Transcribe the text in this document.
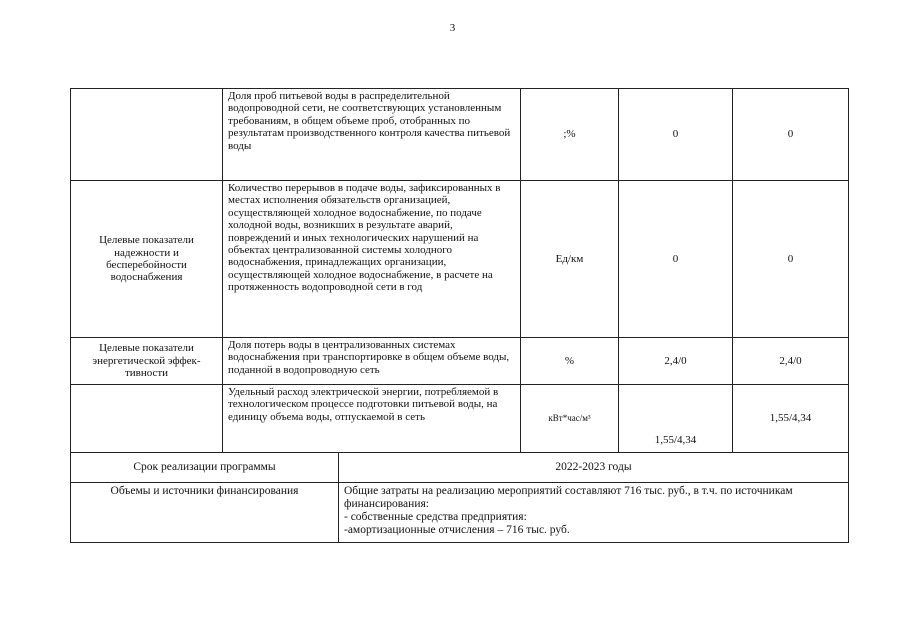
3
	Доля проб питьевой воды в распределительной водопроводной сети, не соответствующих установленным требованиям, в общем объеме проб, отобранных по результатам производственного контроля качества питьевой воды	;%	0	0
Целевые показатели надежности и бесперебойности водоснабжения	Количество перерывов в подаче воды, зафиксированных в местах исполнения обязательств организацией, осуществляющей холодное водоснабжение, по подаче холодной воды, возникших в результате аварий, повреждений и иных технологических нарушений на объектах централизованной системы холодного водоснабжения, принадлежащих организации, осуществляющей холодное водоснабжение, в расчете на протяженность водопроводной сети в год	Ед/км	0	0
Целевые показатели энергетической эффек-тивности	Доля потерь воды в централизованных системах водоснабжения при транспортировке в общем объеме воды, поданной в водопроводную сеть	%	2,4/0	2,4/0
	Удельный расход электрической энергии, потребляемой в технологическом процессе подготовки питьевой воды, на единицу объема воды, отпускаемой в сеть	кВт*час/м³	1,55/4,34	1,55/4,34
Срок реализации программы	2022-2023 годы
Объемы и источники финансирования	Общие затраты на реализацию мероприятий составляют 716 тыс. руб., в т.ч. по источникам финансирования:
- собственные средства предприятия:
-амортизационные отчисления – 716 тыс. руб.
